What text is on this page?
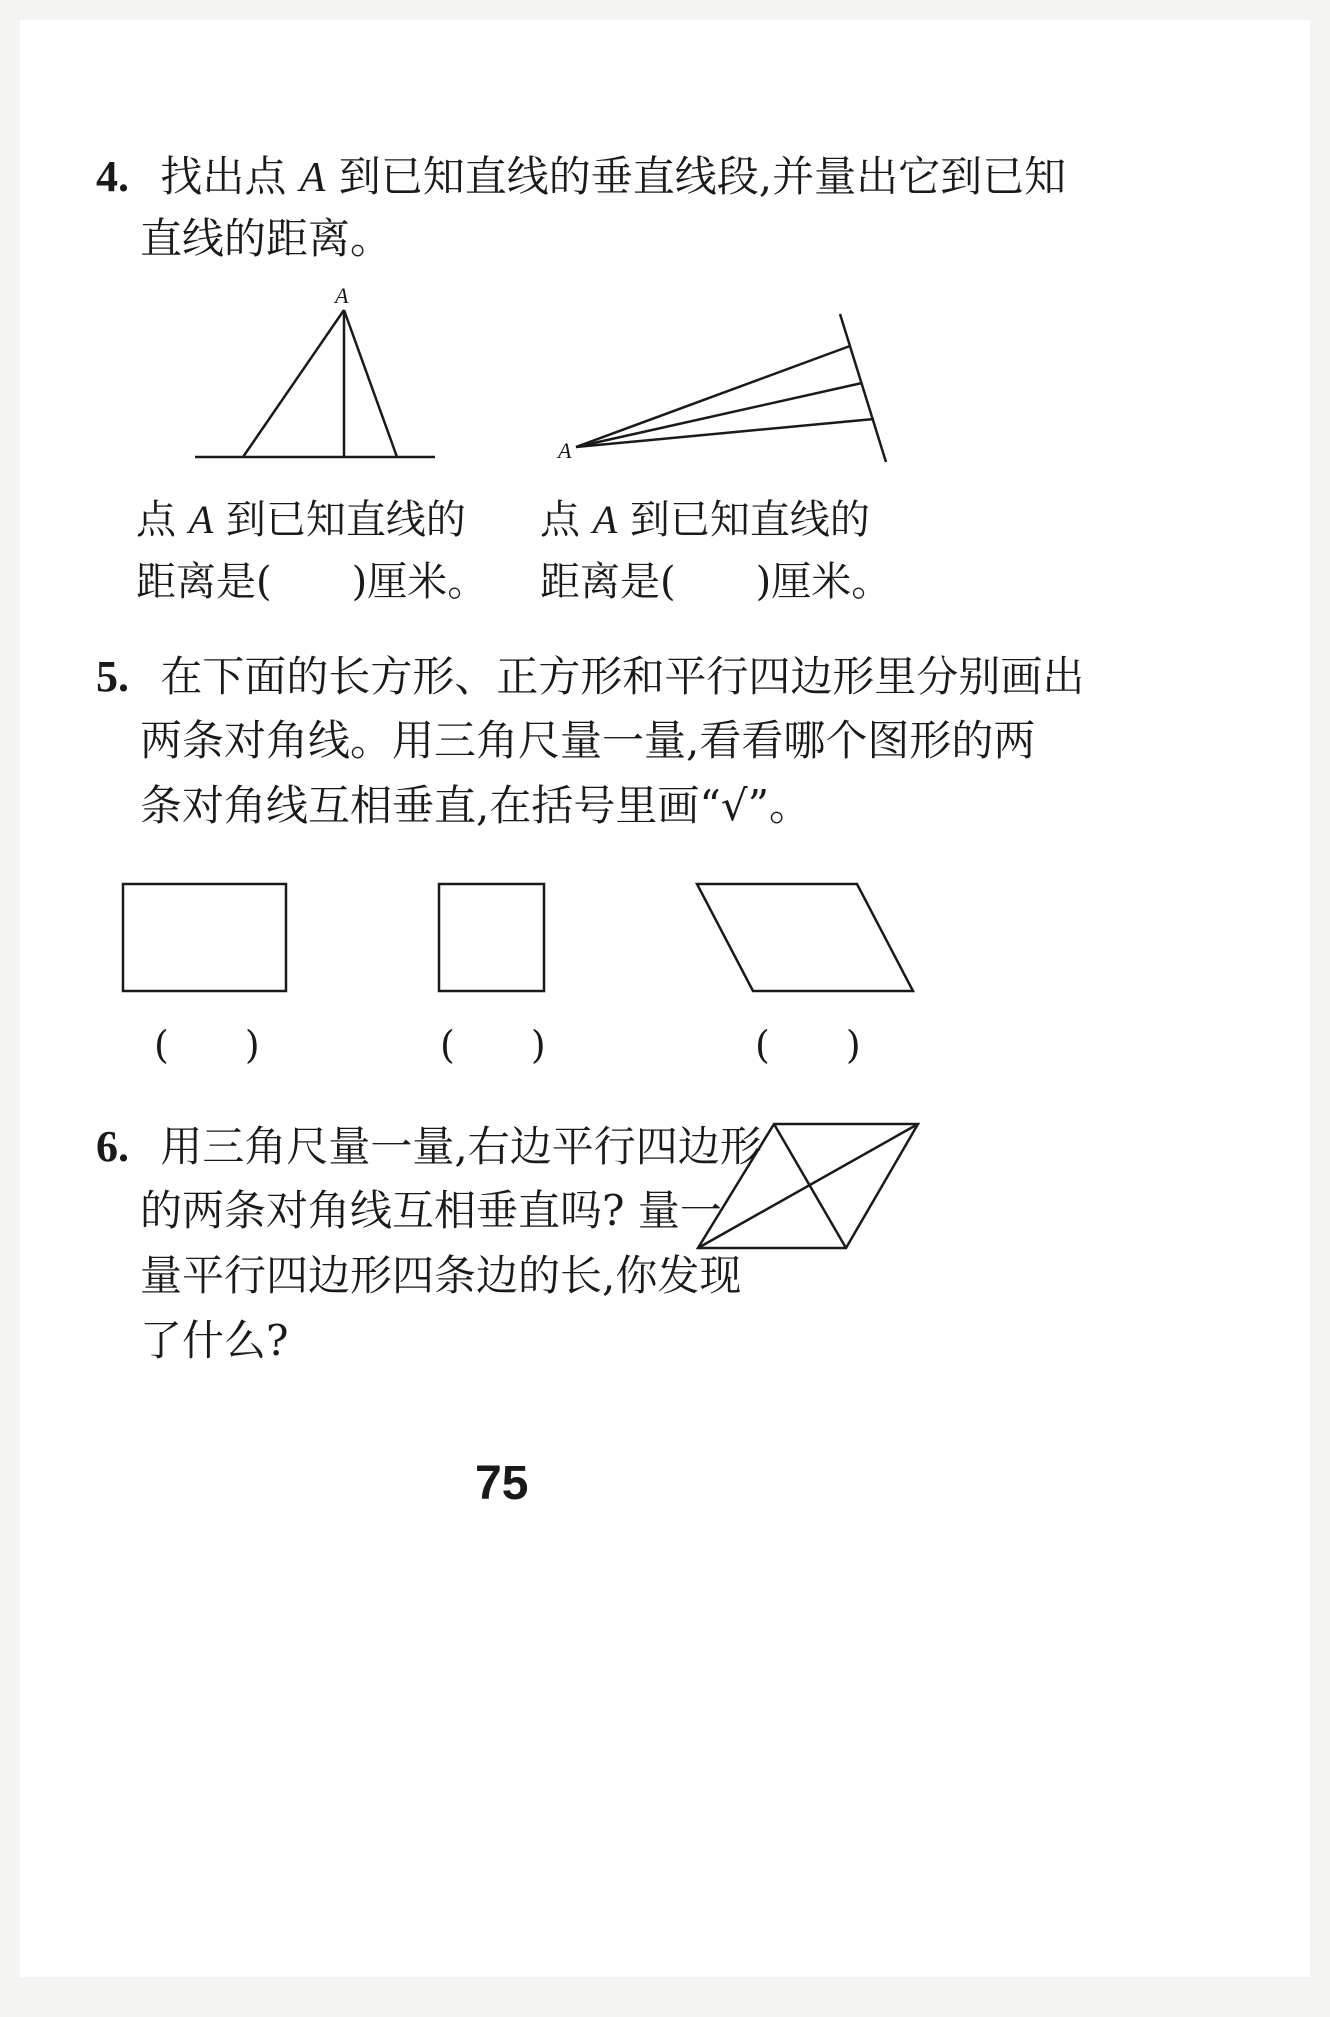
4. 找出点 A 到已知直线的垂直线段,并量出它到已知
直线的距离。
A
A
点 A 到已知直线的
距离是(　　)厘米。
点 A 到已知直线的
距离是(　　)厘米。
5. 在下面的长方形、正方形和平行四边形里分别画出
两条对角线。用三角尺量一量,看看哪个图形的两
条对角线互相垂直,在括号里画“√”。
(　　)	(　　)	(　　)
6. 用三角尺量一量,右边平行四边形
的两条对角线互相垂直吗? 量一
量平行四边形四条边的长,你发现
了什么?
75
